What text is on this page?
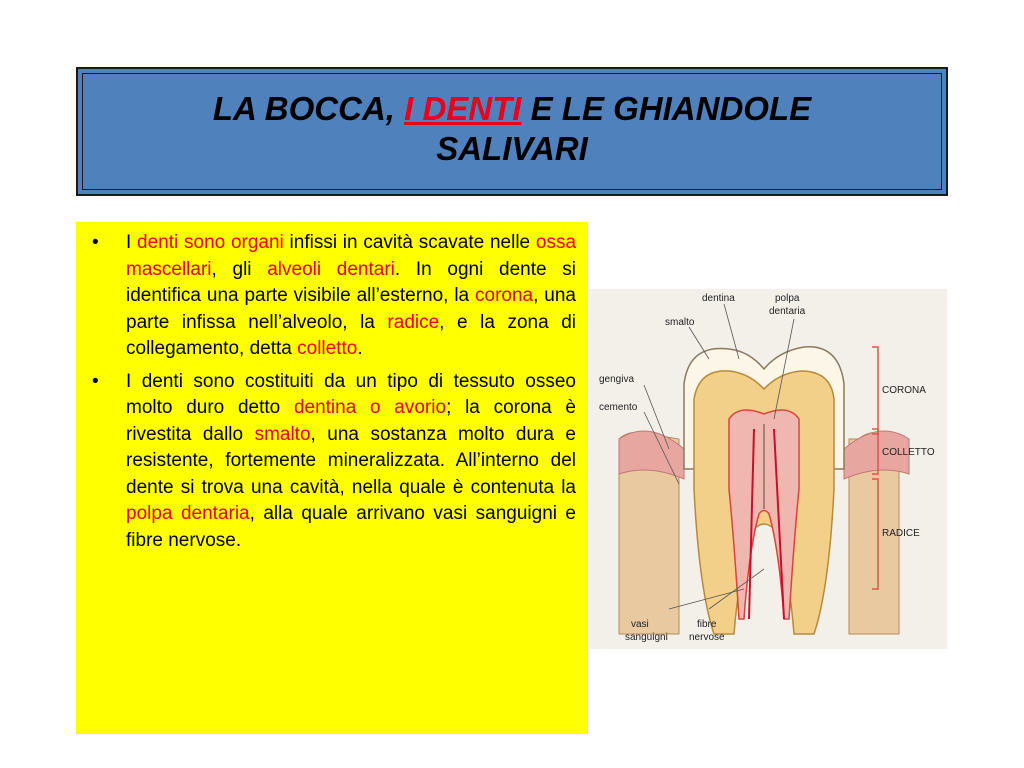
LA BOCCA, I DENTI E LE GHIANDOLE
SALIVARI
• I denti sono organi infissi in cavità scavate nelle ossa mascellari, gli alveoli dentari. In ogni dente si identifica una parte visibile all’esterno, la corona, una parte infissa nell’alveolo, la radice, e la zona di collegamento, detta colletto.
• I denti sono costituiti da un tipo di tessuto osseo molto duro detto dentina o avorio; la corona è rivestita dallo smalto, una sostanza molto dura e resistente, fortemente mineralizzata. All’interno del dente si trova una cavità, nella quale è contenuta la polpa dentaria, alla quale arrivano vasi sanguigni e fibre nervose.
dentina	polpa
dentaria
smalto
gengiva
cemento
CORONA
COLLETTO
RADICE
vasi
sanguigni
fibre
nervose
